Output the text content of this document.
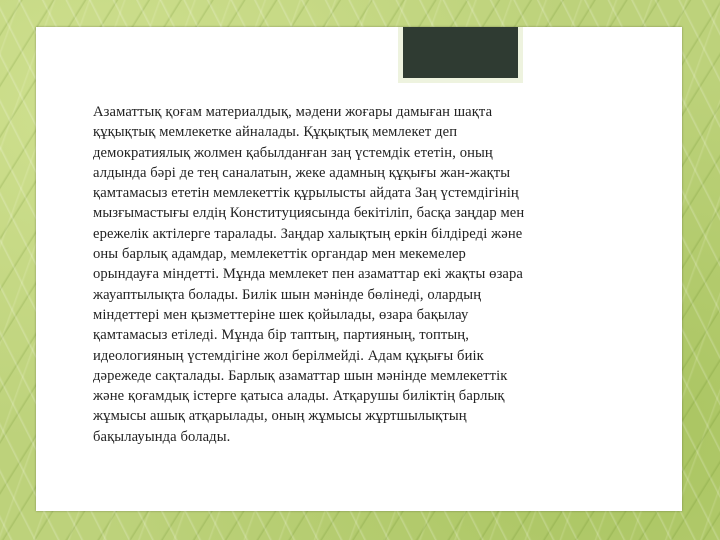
Азаматтық қоғам материалдық, мәдени жоғары дамыған шақта
құқықтық мемлекетке айналады. Құқықтық мемлекет деп
демократиялық жолмен қабылданған заң үстемдік ететін, оның
алдында бәрі де тең саналатын, жеке адамның құқығы жан-жақты
қамтамасыз ететін мемлекеттік құрылысты айдата Заң үстемдігінің
мызғымастығы елдің Конституциясында бекітіліп, басқа заңдар мен
ережелік актілерге таралады. Заңдар халықтың еркін білдіреді және
оны барлық адамдар, мемлекеттік органдар мен мекемелер
орындауға міндетті. Мұнда мемлекет пен азаматтар екі жақты өзара
жауаптылықта болады. Билік шын мәнінде бөлінеді, олардың
міндеттері мен қызметтеріне шек қойылады, өзара бақылау
қамтамасыз етіледі. Мұнда бір таптың, партияның, топтың,
идеологияның үстемдігіне жол берілмейді. Адам құқығы биік
дәрежеде сақталады. Барлық азаматтар шын мәнінде мемлекеттік
және қоғамдық істерге қатыса алады. Атқарушы биліктің барлық
жұмысы ашық атқарылады, оның жұмысы жұртшылықтың
бақылауында болады.
